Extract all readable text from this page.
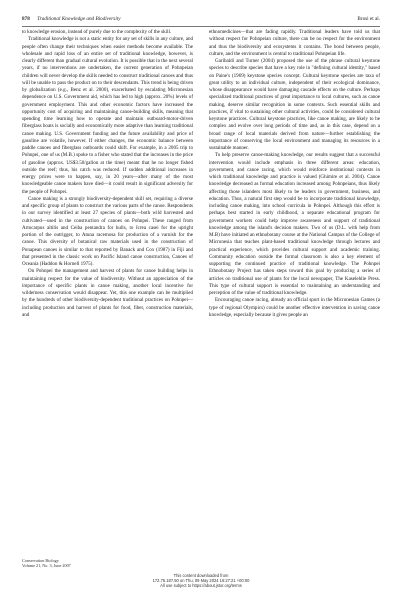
878 Traditional Knowledge and Biodiversity	Brosi et al.

to knowledge erosion, instead of purely due to the complexity of the skill.

Traditional knowledge is not a static entity for any set of skills in any culture, and people often change their techniques when easier methods become available. The wholesale and rapid loss of an entire set of traditional knowledge, however, is clearly different than gradual cultural evolution. It is possible that in the next several years, if no interventions are undertaken, the current generation of Pohnpeian children will never develop the skills needed to construct traditional canoes and thus will be unable to pass the product on to their descendants. This trend is being driven by globalization (e.g., Benz et al. 2000), exacerbated by escalating Micronesian dependence on U.S. Government aid, which has led to high (approx. 20%) levels of government employment. This and other economic factors have increased the opportunity cost of acquiring and maintaining canoe-building skills, meaning that spending time learning how to operate and maintain outboard-motor-driven fiberglass boats is socially and economically more adaptive than learning traditional canoe making. U.S. Government funding and the future availability and price of gasoline are volatile, however. If either changes, the economic balance between paddle canoes and fiberglass outboards could shift. For example, in a 2005 trip to Pohnpei, one of us (M.B.) spoke to a fisher who stated that the increases in the price of gasoline (approx. US$3.50/gallon at the time) meant that he no longer fished outside the reef; thus, his catch was reduced. If sudden additional increases in energy prices were to happen, say, in 20 years—after many of the most knowledgeable canoe makers have died—it could result in significant adversity for the people of Pohnpei.

Canoe making is a strongly biodiversity-dependent skill set, requiring a diverse and specific group of plants to construct the various parts of the canoe. Respondents in our survey identified at least 27 species of plants—both wild harvested and cultivated—used in the construction of canoes on Pohnpei. These ranged from Artocarpus altilis and Ceiba pentandra for hulls, to Icrea casei for the upright portion of the outrigger, to Atuna racemosa for production of a varnish for the canoe. This diversity of botanical raw materials used in the construction of Ponapean canoes is similar to that reported by Banack and Cox (1987) in Fiji and that presented in the classic work on Pacific Island canoe construction, Canoes of Oceania (Haddon & Hornell 1975).

On Pohnpei the management and harvest of plants for canoe building helps in maintaining respect for the value of biodiversity. Without an appreciation of the importance of specific plants in canoe making, another local incentive for wilderness conservation would disappear. Yet, this one example can be multiplied by the hundreds of other biodiversity-dependent traditional practices on Pohnpei—including production and harvest of plants for food, fiber, construction materials, and

ethnomedicines—that are fading rapidly. Traditional leaders have told us that without respect for Pohnpeian culture, there can be no respect for the environment and thus the biodiversity and ecosystems it contains. The bond between people, culture, and the environment is central to traditional Pohnpeian life.

Garibaldi and Turner (2004) proposed the use of the phrase cultural keystone species to describe species that have a key role in "defining cultural identity," based on Paine's (1969) keystone species concept. Cultural keystone species are taxa of great utility to an individual culture, independent of their ecological dominance, whose disappearance would have damaging cascade effects on the culture. Perhaps specialized traditional practices of great importance to local cultures, such as canoe making, deserve similar recognition in some contexts. Such essential skills and practices, if vital to sustaining other cultural activities, could be considered cultural keystone practices. Cultural keystone practices, like canoe making, are likely to be complex and evolve over long periods of time and, as in this case, depend on a broad range of local materials derived from nature—further establishing the importance of conserving the local environment and managing its resources in a sustainable manner.

To help preserve canoe-making knowledge, our results suggest that a successful intervention would include emphasis in three different areas: education, government, and canoe racing, which would reinforce institutional contexts in which traditional knowledge and practice is valued (Ghimire et al. 2004). Canoe knowledge decreased as formal education increased among Pohnpeians, thus likely affecting those islanders most likely to be leaders in government, business, and education. Thus, a natural first step would be to incorporate traditional knowledge, including canoe making, into school curricula in Pohnpei. Although this effort is perhaps best started in early childhood, a separate educational program for government workers could help improve awareness and support of traditional knowledge among the island's decision makers. Two of us (D.L. with help from M.B) have initiated an ethnobotany course at the National Campus of the College of Micronesia that teaches plant-based traditional knowledge through lectures and practical experience, which provides cultural support and academic training. Community education outside the formal classroom is also a key element of supporting the continued practice of traditional knowledge. The Pohnpei Ethnobotany Project has taken steps toward this goal by producing a series of articles on traditional use of plants for the local newspaper, The Kaselehlie Press. This type of cultural support is essential to maintaining an understanding and perception of the value of traditional knowledge.

Encouraging canoe racing, already an official sport in the Micronesian Games (a type of regional Olympics) could be another effective intervention in saving canoe knowledge, especially because it gives people an

Conservation Biology
Volume 21, No. 3, June 2007
This content downloaded from
172.75.187.50 on Thu, 09 May 2024 16:27:21 +00:00
All use subject to https://about.jstor.org/terms
